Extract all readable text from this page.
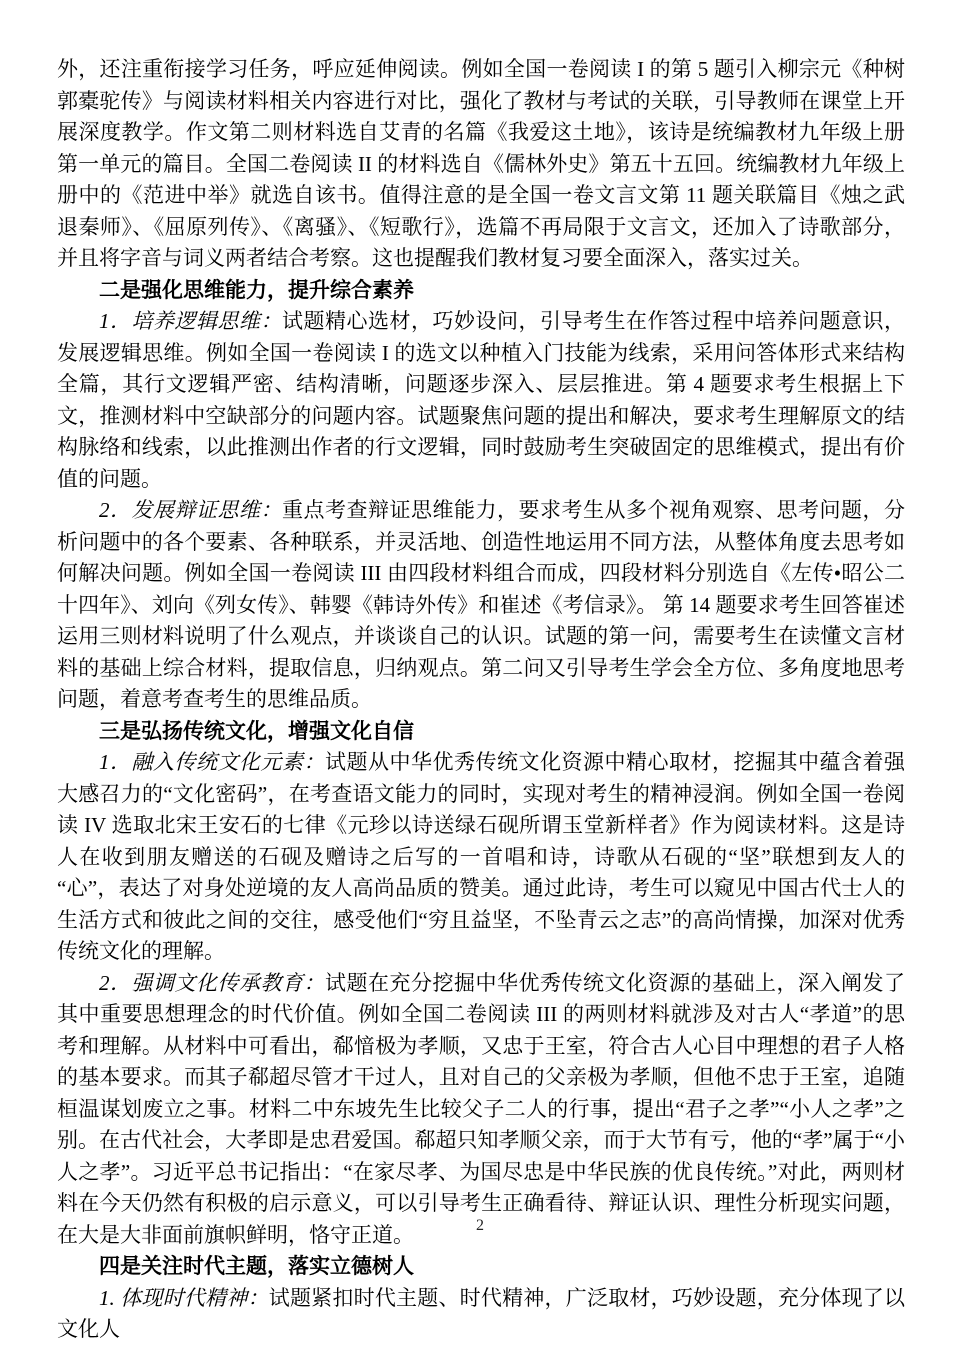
外，还注重衔接学习任务，呼应延伸阅读。例如全国一卷阅读 I 的第 5 题引入柳宗元《种树郭橐驼传》与阅读材料相关内容进行对比，强化了教材与考试的关联，引导教师在课堂上开展深度教学。作文第二则材料选自艾青的名篇《我爱这土地》，该诗是统编教材九年级上册第一单元的篇目。全国二卷阅读 II 的材料选自《儒林外史》第五十五回。统编教材九年级上册中的《范进中举》就选自该书。值得注意的是全国一卷文言文第 11 题关联篇目《烛之武退秦师》、《屈原列传》、《离骚》、《短歌行》，选篇不再局限于文言文，还加入了诗歌部分，并且将字音与词义两者结合考察。这也提醒我们教材复习要全面深入，落实过关。

二是强化思维能力，提升综合素养

1．培养逻辑思维：试题精心选材，巧妙设问，引导考生在作答过程中培养问题意识，发展逻辑思维。例如全国一卷阅读 I 的选文以种植入门技能为线索，采用问答体形式来结构全篇，其行文逻辑严密、结构清晰，问题逐步深入、层层推进。第 4 题要求考生根据上下文，推测材料中空缺部分的问题内容。试题聚焦问题的提出和解决，要求考生理解原文的结构脉络和线索，以此推测出作者的行文逻辑，同时鼓励考生突破固定的思维模式，提出有价值的问题。

2．发展辩证思维：重点考查辩证思维能力，要求考生从多个视角观察、思考问题，分析问题中的各个要素、各种联系，并灵活地、创造性地运用不同方法，从整体角度去思考如何解决问题。例如全国一卷阅读 III 由四段材料组合而成，四段材料分别选自《左传•昭公二十四年》、刘向《列女传》、韩婴《韩诗外传》和崔述《考信录》。 第 14 题要求考生回答崔述运用三则材料说明了什么观点，并谈谈自己的认识。试题的第一问，需要考生在读懂文言材料的基础上综合材料，提取信息，归纳观点。第二问又引导考生学会全方位、多角度地思考问题，着意考查考生的思维品质。

三是弘扬传统文化，增强文化自信

1．融入传统文化元素：试题从中华优秀传统文化资源中精心取材，挖掘其中蕴含着强大感召力的“文化密码”，在考查语文能力的同时，实现对考生的精神浸润。例如全国一卷阅读 IV 选取北宋王安石的七律《元珍以诗送绿石砚所谓玉堂新样者》作为阅读材料。这是诗人在收到朋友赠送的石砚及赠诗之后写的一首唱和诗，诗歌从石砚的“坚”联想到友人的“心”，表达了对身处逆境的友人高尚品质的赞美。通过此诗，考生可以窥见中国古代士人的生活方式和彼此之间的交往，感受他们“穷且益坚，不坠青云之志”的高尚情操，加深对优秀传统文化的理解。

2．强调文化传承教育：试题在充分挖掘中华优秀传统文化资源的基础上，深入阐发了其中重要思想理念的时代价值。例如全国二卷阅读 III 的两则材料就涉及对古人“孝道”的思考和理解。从材料中可看出，郗愔极为孝顺，又忠于王室，符合古人心目中理想的君子人格的基本要求。而其子郗超尽管才干过人，且对自己的父亲极为孝顺，但他不忠于王室，追随桓温谋划废立之事。材料二中东坡先生比较父子二人的行事，提出“君子之孝”“小人之孝”之别。在古代社会，大孝即是忠君爱国。郗超只知孝顺父亲，而于大节有亏，他的“孝”属于“小人之孝”。习近平总书记指出：“在家尽孝、为国尽忠是中华民族的优良传统。”对此，两则材料在今天仍然有积极的启示意义，可以引导考生正确看待、辩证认识、理性分析现实问题，在大是大非面前旗帜鲜明，恪守正道。

四是关注时代主题，落实立德树人

1. 体现时代精神：试题紧扣时代主题、时代精神，广泛取材，巧妙设题，充分体现了以文化人

2
